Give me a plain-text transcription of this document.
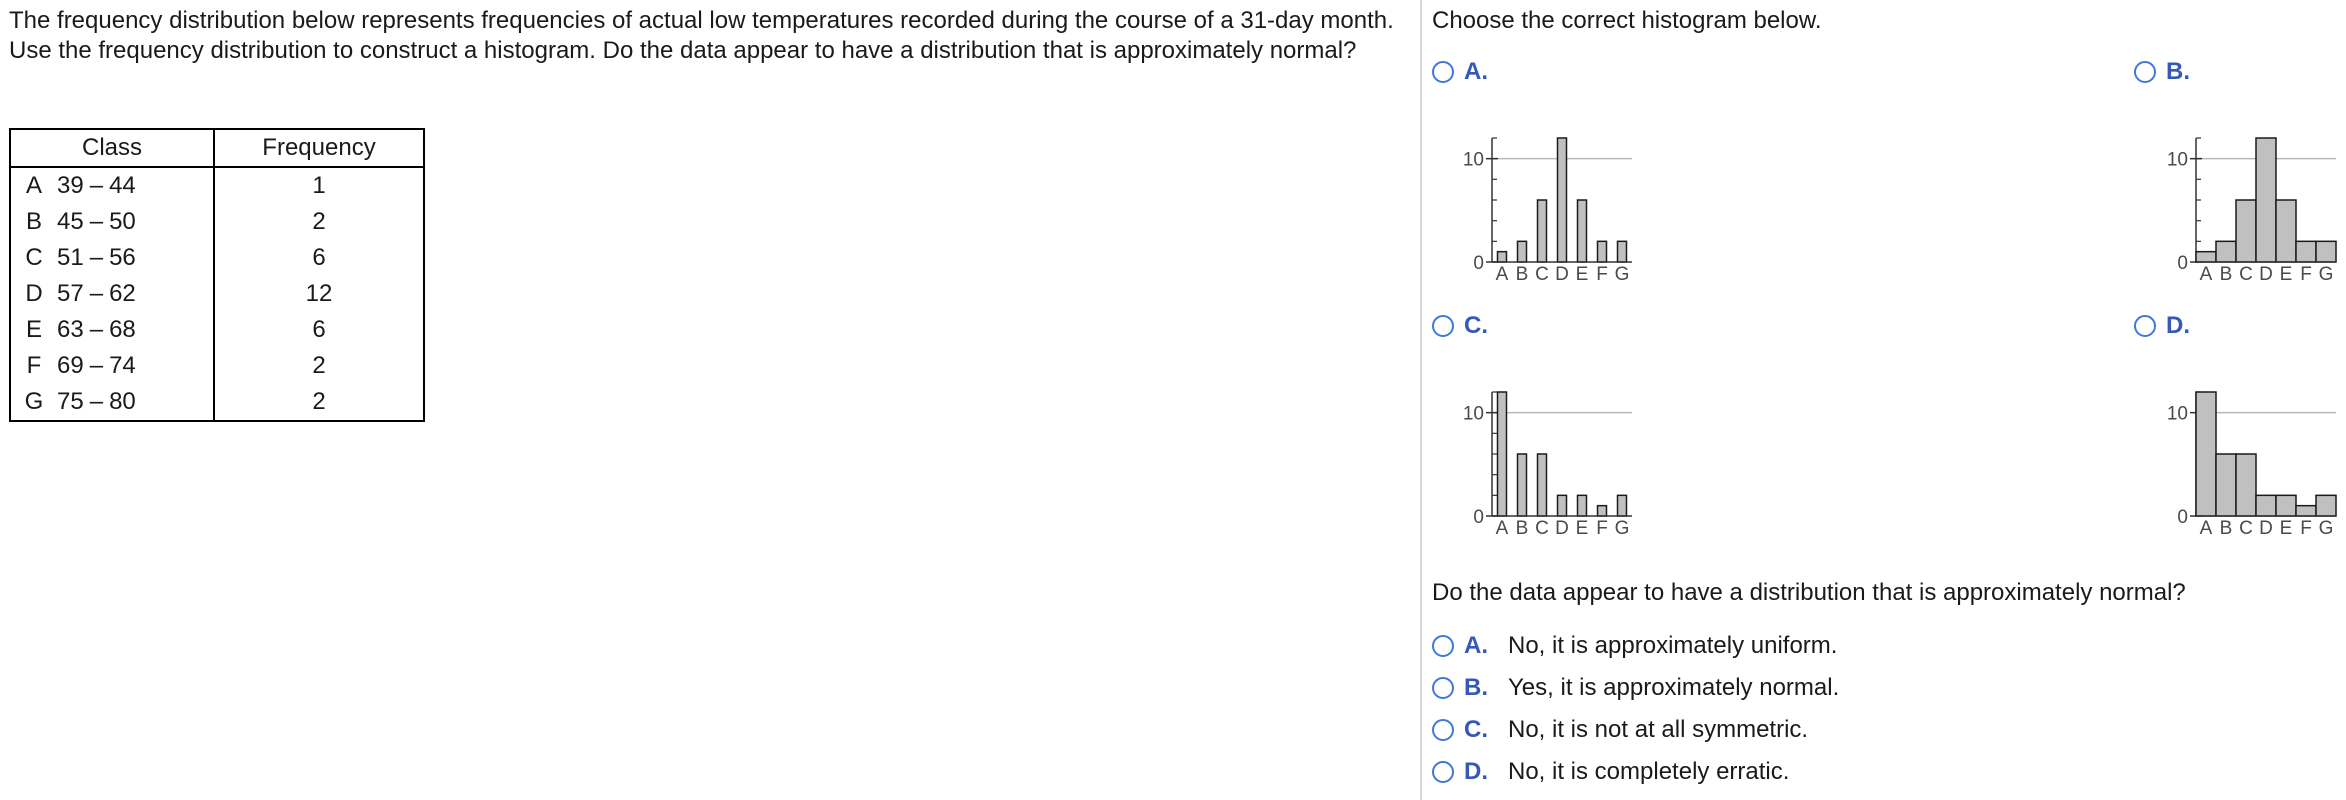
The frequency distribution below represents frequencies of actual low temperatures recorded during the course of a 31-day month. Use the frequency distribution to construct a histogram. Do the data appear to have a distribution that is approximately normal?

Class		Frequency
A	39 – 44	1
B	45 – 50	2
C	51 – 56	6
D	57 – 62	12
E	63 – 68	6
F	69 – 74	2
G	75 – 80	2

Choose the correct histogram below.

A.	B.
C.	D.
0
10
A B C D E F G
0
10
A B C D E F G
0
10
A B C D E F G
0
10
A B C D E F G

Do the data appear to have a distribution that is approximately normal?

A. No, it is approximately uniform.
B. Yes, it is approximately normal.
C. No, it is not at all symmetric.
D. No, it is completely erratic.
